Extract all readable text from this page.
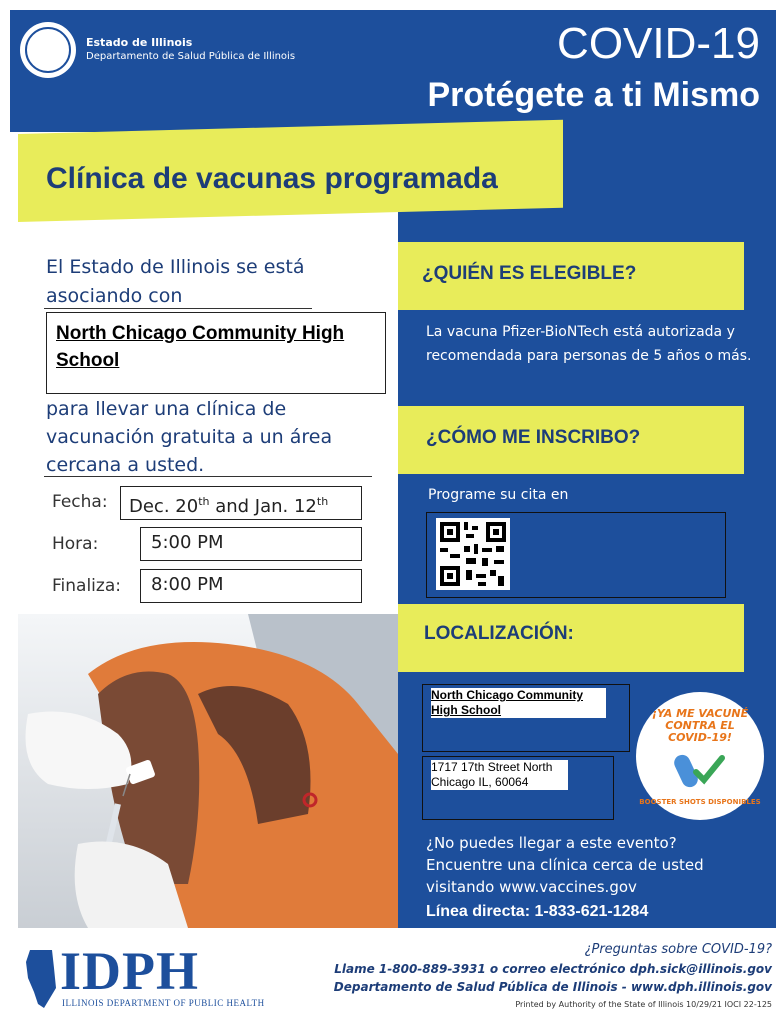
Estado de Illinois
Departamento de Salud Pública de Illinois	COVID-19
Protégete a ti Mismo
Clínica de vacunas programada
El Estado de Illinois se está
asociando con
North Chicago Community High School
para llevar una clínica de
vacunación gratuita a un área
cercana a usted.
Fecha:	Dec. 20th and Jan. 12th
Hora:	5:00 PM
Finaliza:	8:00 PM
¿QUIÉN ES ELEGIBLE?
La vacuna Pfizer-BioNTech está autorizada y recomendada para personas de 5 años o más.
¿CÓMO ME INSCRIBO?
Programe su cita en
LOCALIZACIÓN:
North Chicago Community High School
1717 17th Street North Chicago IL, 60064
¡YA ME VACUNÉ
CONTRA EL
COVID-19!
BOOSTER SHOTS DISPONIBLES
¿No puedes llegar a este evento?
Encuentre una clínica cerca de usted
visitando www.vaccines.gov
Línea directa: 1-833-621-1284
IDPH
ILLINOIS DEPARTMENT OF PUBLIC HEALTH
¿Preguntas sobre COVID-19?
Llame 1-800-889-3931 o correo electrónico dph.sick@illinois.gov
Departamento de Salud Pública de Illinois - www.dph.illinois.gov
Printed by Authority of the State of Illinois 10/29/21 IOCI 22-125
